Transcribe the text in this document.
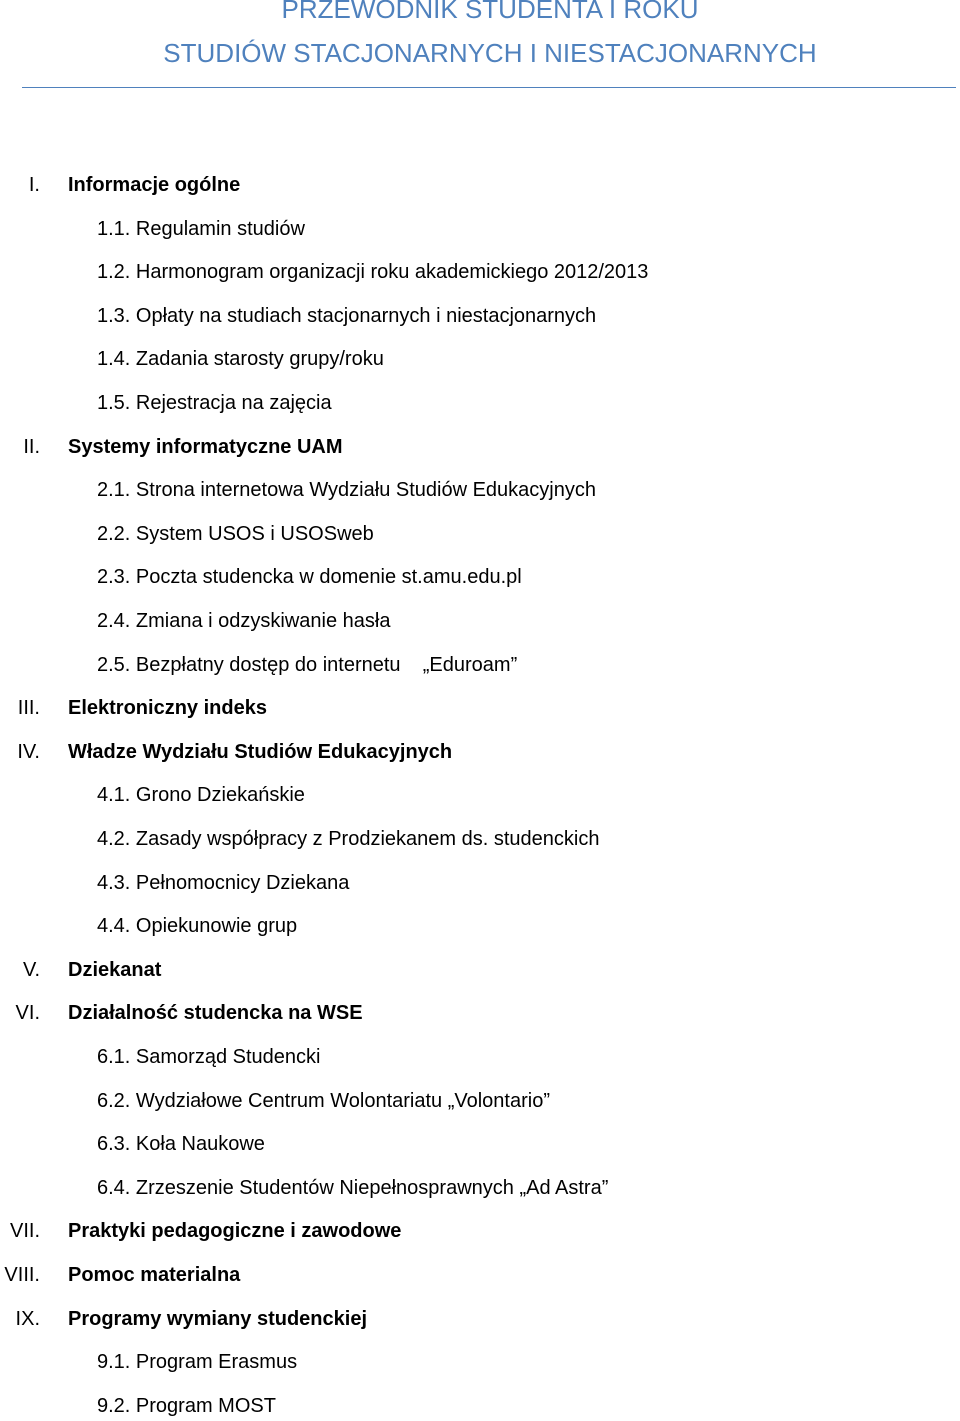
PRZEWODNIK STUDENTA I ROKU
STUDIÓW STACJONARNYCH I NIESTACJONARNYCH
I. Informacje ogólne
1.1. Regulamin studiów
1.2. Harmonogram organizacji roku akademickiego 2012/2013
1.3. Opłaty na studiach stacjonarnych i niestacjonarnych
1.4. Zadania starosty grupy/roku
1.5. Rejestracja na zajęcia
II. Systemy informatyczne UAM
2.1. Strona internetowa Wydziału Studiów Edukacyjnych
2.2. System USOS i USOSweb
2.3. Poczta studencka w domenie st.amu.edu.pl
2.4. Zmiana i odzyskiwanie hasła
2.5. Bezpłatny dostęp do internetu    „Eduroam”
III. Elektroniczny indeks
IV. Władze Wydziału Studiów Edukacyjnych
4.1. Grono Dziekańskie
4.2. Zasady współpracy z Prodziekanem ds. studenckich
4.3. Pełnomocnicy Dziekana
4.4. Opiekunowie grup
V. Dziekanat
VI. Działalność studencka na WSE
6.1. Samorząd Studencki
6.2. Wydziałowe Centrum Wolontariatu „Volontario”
6.3. Koła Naukowe
6.4. Zrzeszenie Studentów Niepełnosprawnych „Ad Astra”
VII. Praktyki pedagogiczne i zawodowe
VIII. Pomoc materialna
IX. Programy wymiany studenckiej
9.1. Program Erasmus
9.2. Program MOST
